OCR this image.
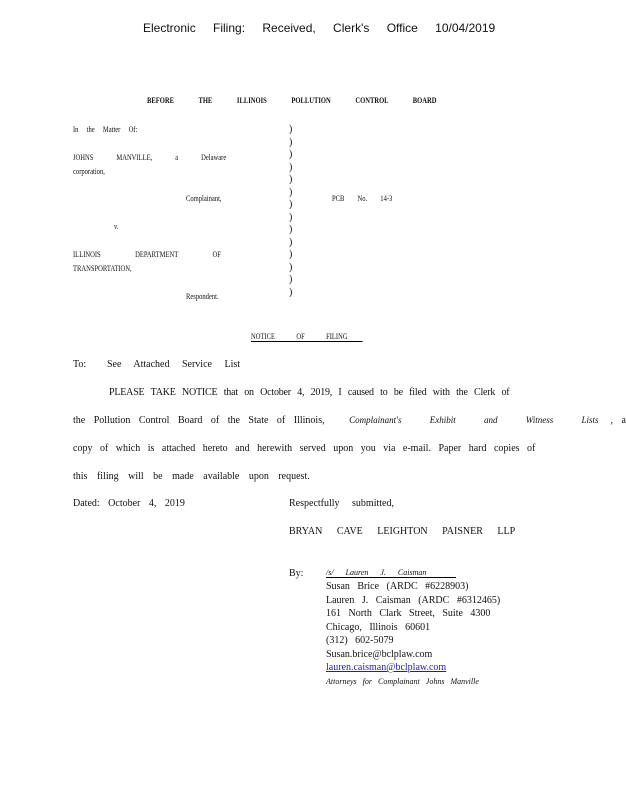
Electronic Filing: Received, Clerk's Office 10/04/2019
BEFORE THE ILLINOIS POLLUTION CONTROL BOARD
In the Matter Of:
JOHNS MANVILLE, a Delaware
corporation,
Complainant,
v.
ILLINOIS DEPARTMENT OF
TRANSPORTATION,
Respondent.
)
)
)
)
)
)
)
)
)
)
)
)
)
)
PCB No. 14-3
NOTICE OF FILING
To: See Attached Service List
PLEASE TAKE NOTICE that on October 4, 2019, I caused to be filed with the Clerk of
the Pollution Control Board of the State of Illinois,	Complainant's Exhibit and Witness Lists , a
copy of which is attached hereto and herewith served upon you via e-mail. Paper hard copies of
this filing will be made available upon request.
Dated: October 4, 2019	Respectfully submitted,
BRYAN CAVE LEIGHTON PAISNER LLP
By:	/s/ Lauren J. Caisman
Susan Brice (ARDC #6228903)
Lauren J. Caisman (ARDC #6312465)
161 North Clark Street, Suite 4300
Chicago, Illinois 60601
(312) 602-5079
Susan.brice@bclplaw.com
lauren.caisman@bclplaw.com
Attorneys for Complainant Johns Manville
